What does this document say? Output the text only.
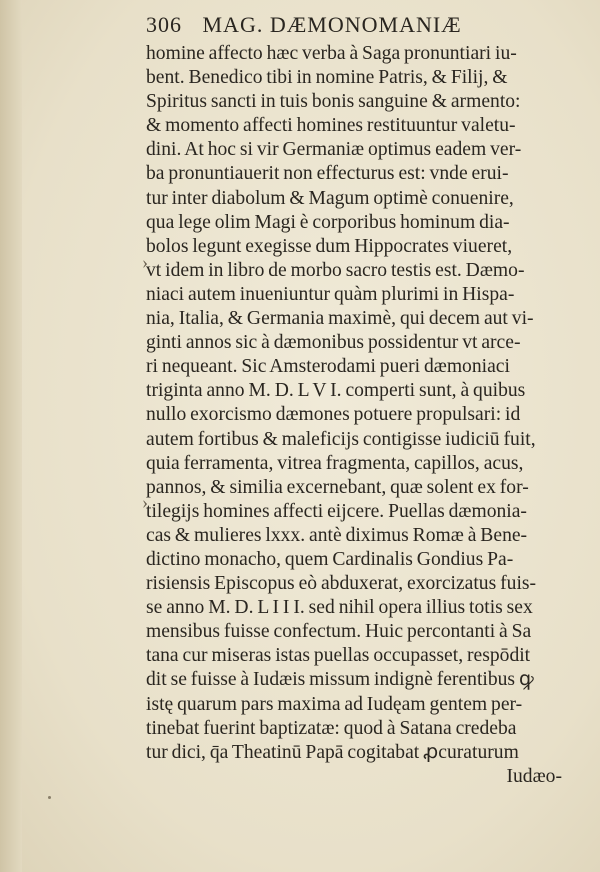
306 MAG. DÆMONOMANIÆ
›
›
homine affecto hæc verba à Saga pronuntiari iu-
bent. Benedico tibi in nomine Patris, & Filij, &
Spiritus sancti in tuis bonis sanguine & armento:
& momento affecti homines restituuntur valetu-
dini. At hoc si vir Germaniæ optimus eadem ver-
ba pronuntiauerit non effecturus est: vnde erui-
tur inter diabolum & Magum optimè conuenire,
qua lege olim Magi è corporibus hominum dia-
bolos legunt exegisse dum Hippocrates viueret,
vt idem in libro de morbo sacro testis est. Dæmo-
niaci autem inueniuntur quàm plurimi in Hispa-
nia, Italia, & Germania maximè, qui decem aut vi-
ginti annos sic à dæmonibus possidentur vt arce-
ri nequeant. Sic Amsterodami pueri dæmoniaci
triginta anno M. D. L V I. comperti sunt, à quibus
nullo exorcismo dæmones potuere propulsari: id
autem fortibus & maleficijs contigisse iudiciū fuit,
quia ferramenta, vitrea fragmenta, capillos, acus,
pannos, & similia excernebant, quæ solent ex for-
tilegijs homines affecti eijcere. Puellas dæmonia-
cas & mulieres lxxx. antè diximus Romæ à Bene-
dictino monacho, quem Cardinalis Gondius Pa-
risiensis Episcopus eò abduxerat, exorcizatus fuis-
se anno M. D. L I I I. sed nihil opera illius totis sex
mensibus fuisse confectum. Huic percontanti à Sa
tana cur miseras istas puellas occupasset, respōdit
dit se fuisse à Iudæis missum indignè ferentibus ꝙ
istę quarum pars maxima ad Iudęam gentem per-
tinebat fuerint baptizatæ: quod à Satana credeba
tur dici, q̄a Theatinū Papā cogitabat ꝓcuraturum
Iudæo-
